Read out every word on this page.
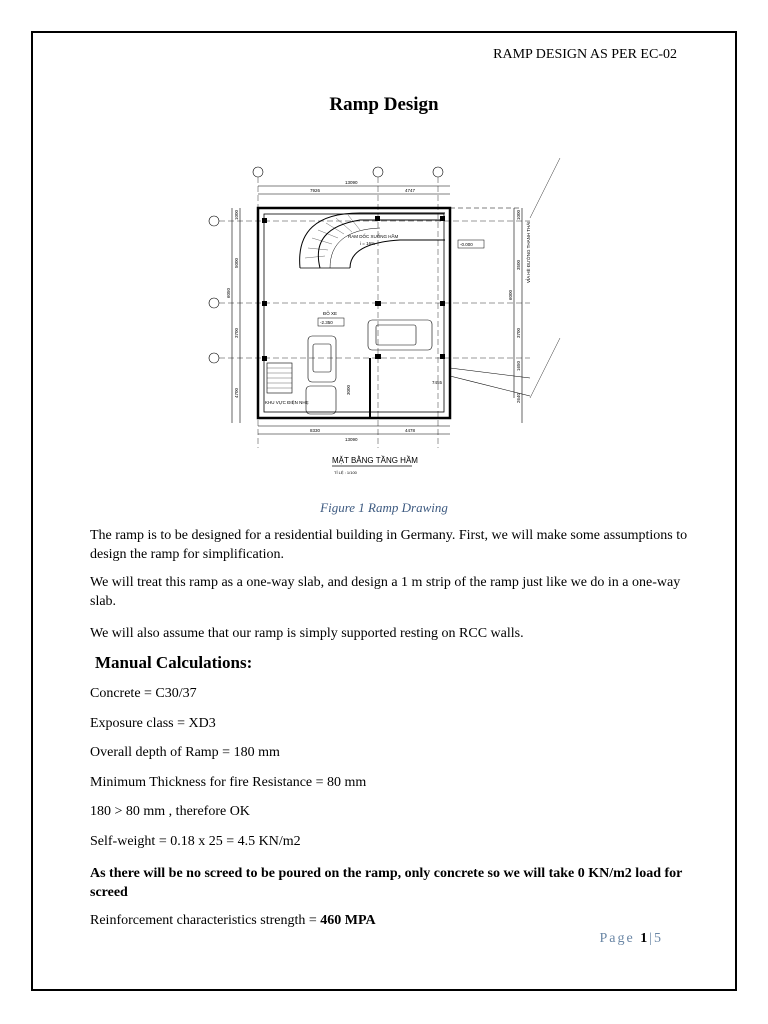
RAMP DESIGN AS PER EC-02
Ramp Design
13090
7926	4747
8330	4478
13090
7455
RAM DỐC XUỐNG HẦM
i = 16%	-0.000
ĐỖ XE
-2.350
KHU VỰC ĐIỆN NHẸ
3000
VỈA HÈ ĐƯỜNG THANH THÁI
1000
5000
6050
3700
4700
1000
3500
6000
3700
1650
2640
MẶT BẰNG TẦNG HẦM
TỈ LỆ : 1/100
Figure 1 Ramp Drawing
The ramp is to be designed for a residential building in Germany. First, we will make some assumptions to design the ramp for simplification.
We will treat this ramp as a one-way slab, and design a 1 m strip of the ramp just like we do in a one-way slab.
We will also assume that our ramp is simply supported resting on RCC walls.
Manual Calculations:
Concrete = C30/37
Exposure class = XD3
Overall depth of Ramp = 180 mm
Minimum Thickness for fire Resistance = 80 mm
180 > 80 mm , therefore OK
Self-weight = 0.18 x 25 = 4.5 KN/m2
As there will be no screed to be poured on the ramp, only concrete so we will take 0 KN/m2 load for screed
Reinforcement characteristics strength = 460 MPA
Page 1|5
